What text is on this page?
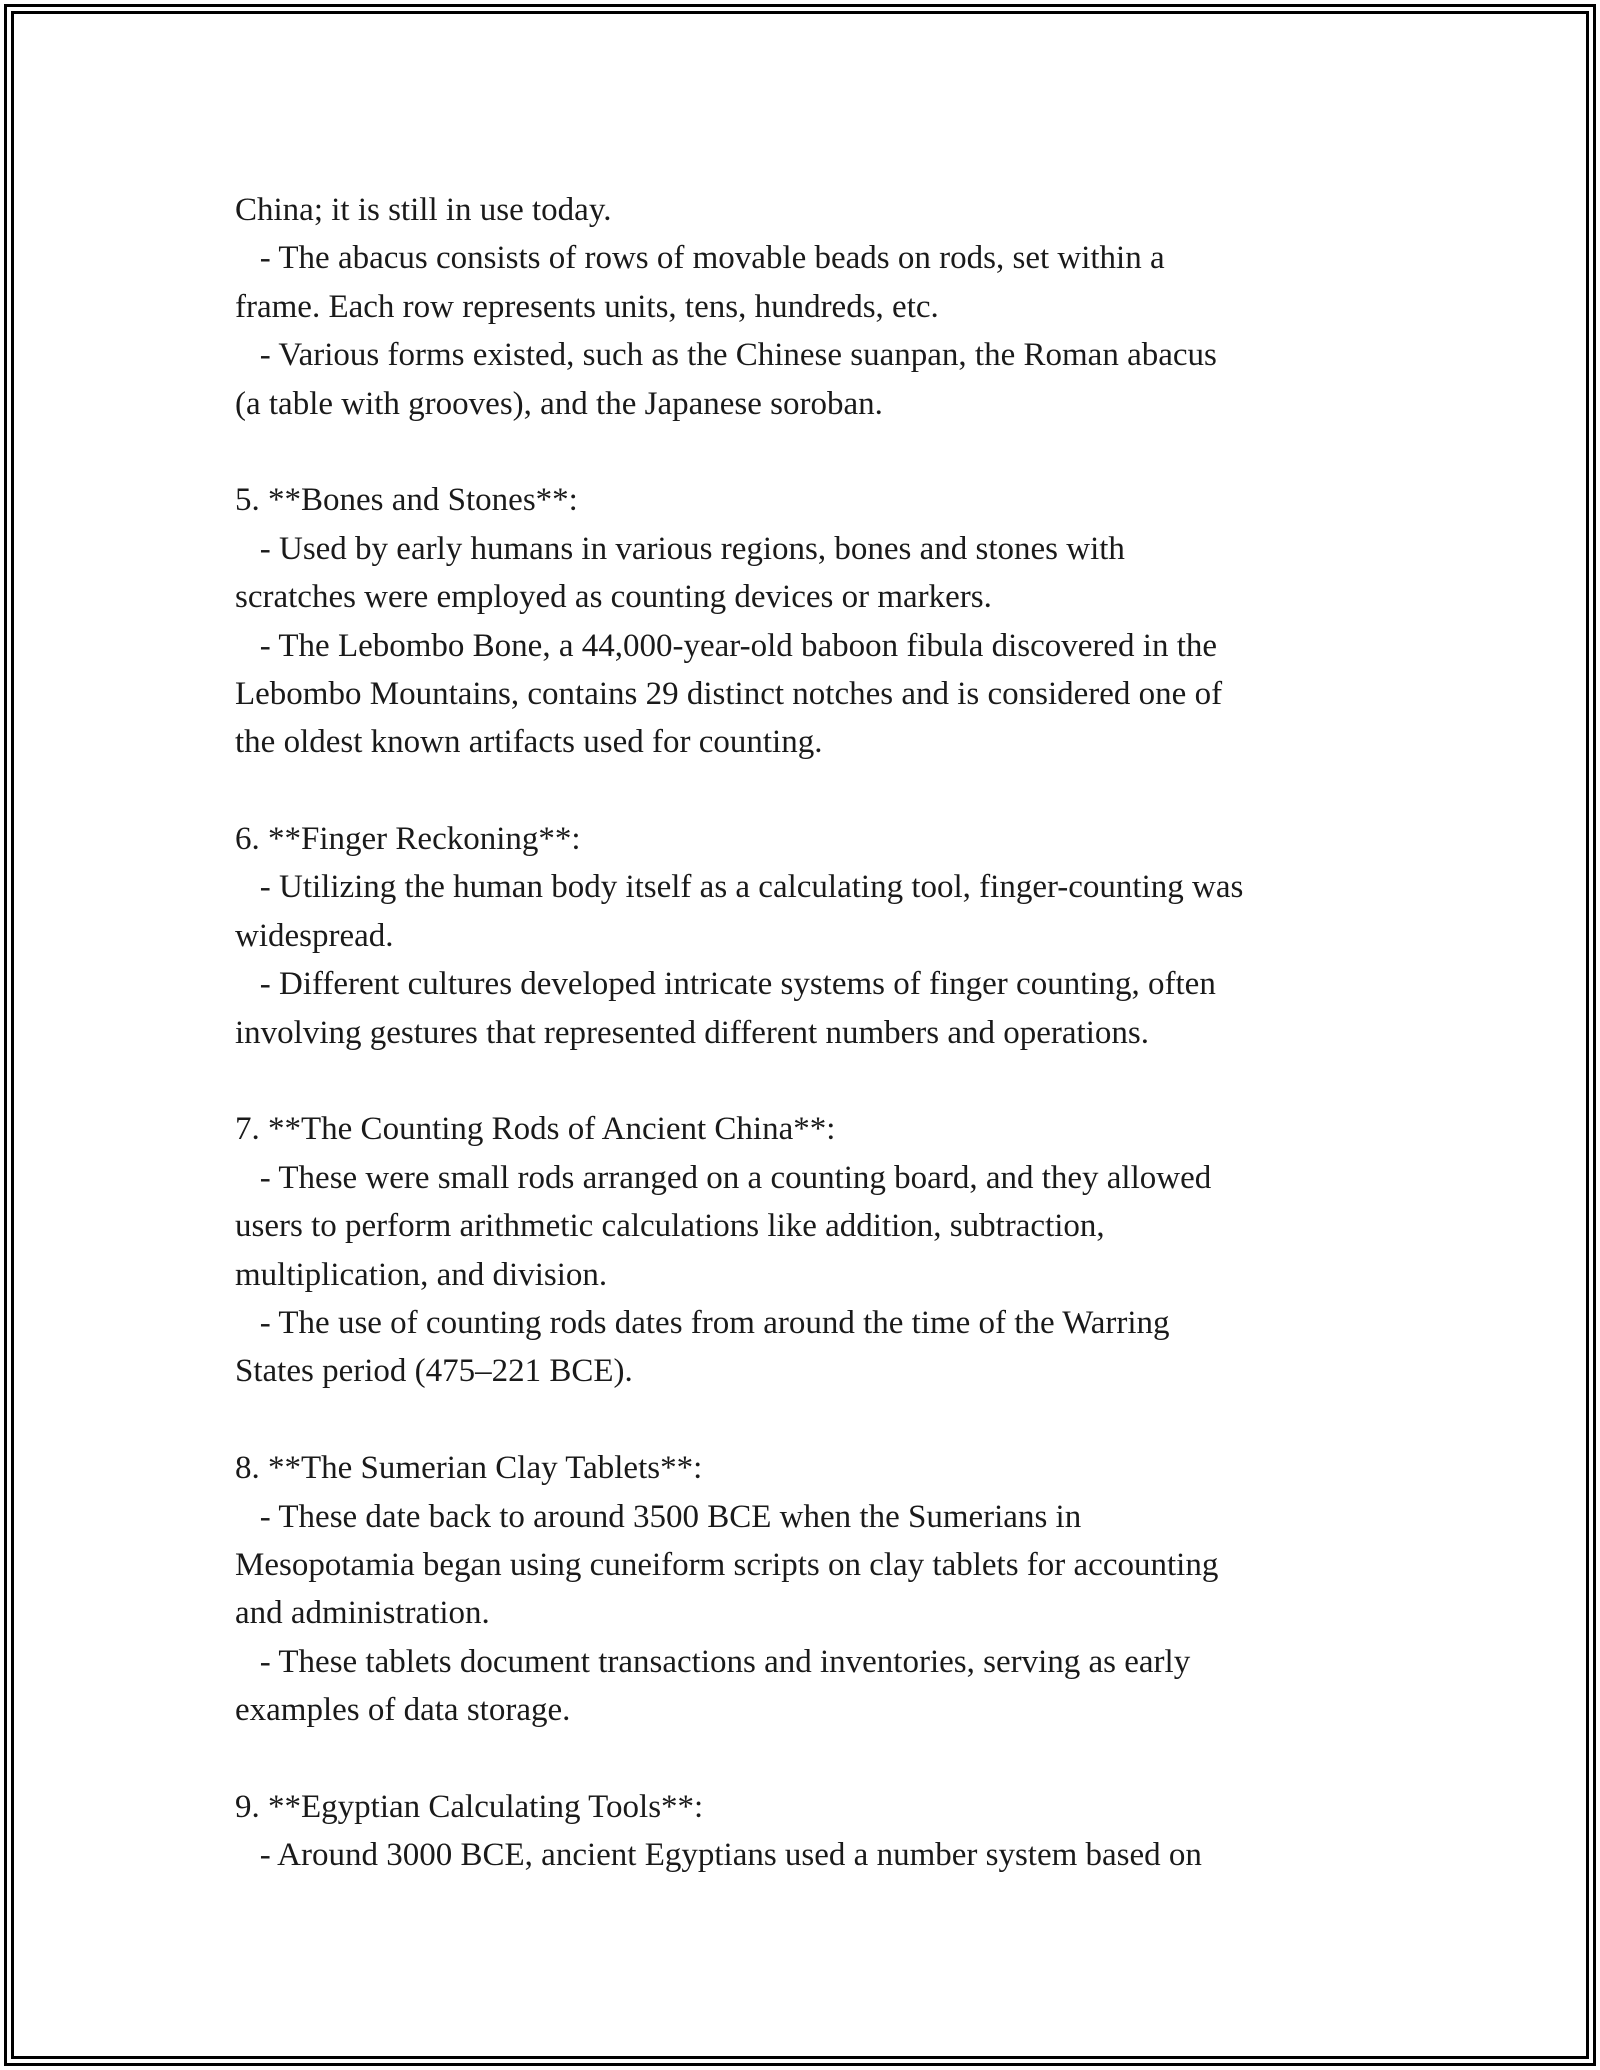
China; it is still in use today.
- The abacus consists of rows of movable beads on rods, set within a
frame. Each row represents units, tens, hundreds, etc.
- Various forms existed, such as the Chinese suanpan, the Roman abacus
(a table with grooves), and the Japanese soroban.
5. **Bones and Stones**:
- Used by early humans in various regions, bones and stones with
scratches were employed as counting devices or markers.
- The Lebombo Bone, a 44,000-year-old baboon fibula discovered in the
Lebombo Mountains, contains 29 distinct notches and is considered one of
the oldest known artifacts used for counting.
6. **Finger Reckoning**:
- Utilizing the human body itself as a calculating tool, finger-counting was
widespread.
- Different cultures developed intricate systems of finger counting, often
involving gestures that represented different numbers and operations.
7. **The Counting Rods of Ancient China**:
- These were small rods arranged on a counting board, and they allowed
users to perform arithmetic calculations like addition, subtraction,
multiplication, and division.
- The use of counting rods dates from around the time of the Warring
States period (475–221 BCE).
8. **The Sumerian Clay Tablets**:
- These date back to around 3500 BCE when the Sumerians in
Mesopotamia began using cuneiform scripts on clay tablets for accounting
and administration.
- These tablets document transactions and inventories, serving as early
examples of data storage.
9. **Egyptian Calculating Tools**:
- Around 3000 BCE, ancient Egyptians used a number system based on
